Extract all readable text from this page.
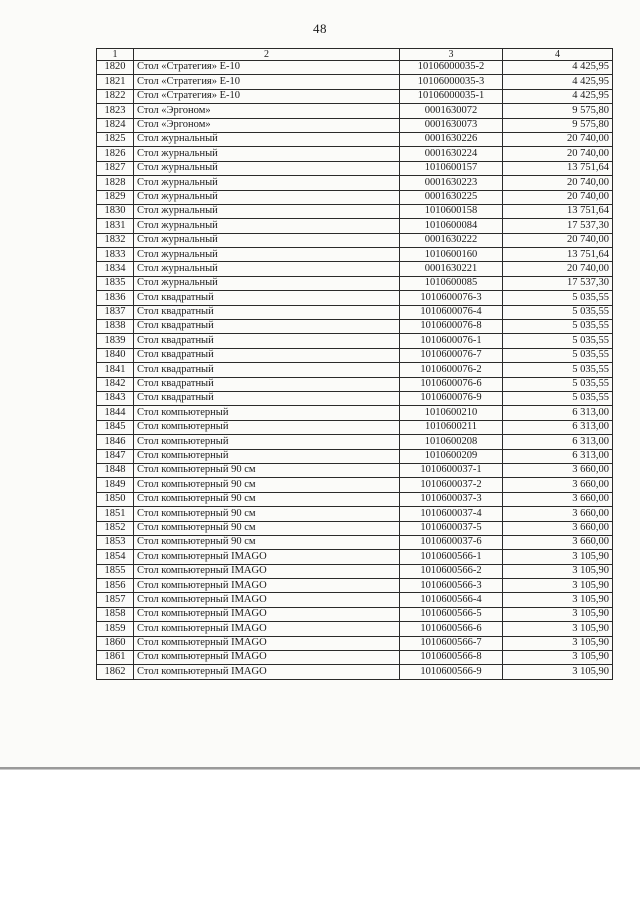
48
1	2	3	4
1820	Стол «Стратегия» Е-10	10106000035-2	4 425,95
1821	Стол «Стратегия» Е-10	10106000035-3	4 425,95
1822	Стол «Стратегия» Е-10	10106000035-1	4 425,95
1823	Стол «Эргоном»	0001630072	9 575,80
1824	Стол «Эргоном»	0001630073	9 575,80
1825	Стол журнальный	0001630226	20 740,00
1826	Стол журнальный	0001630224	20 740,00
1827	Стол журнальный	1010600157	13 751,64
1828	Стол журнальный	0001630223	20 740,00
1829	Стол журнальный	0001630225	20 740,00
1830	Стол журнальный	1010600158	13 751,64
1831	Стол журнальный	1010600084	17 537,30
1832	Стол журнальный	0001630222	20 740,00
1833	Стол журнальный	1010600160	13 751,64
1834	Стол журнальный	0001630221	20 740,00
1835	Стол журнальный	1010600085	17 537,30
1836	Стол квадратный	1010600076-3	5 035,55
1837	Стол квадратный	1010600076-4	5 035,55
1838	Стол квадратный	1010600076-8	5 035,55
1839	Стол квадратный	1010600076-1	5 035,55
1840	Стол квадратный	1010600076-7	5 035,55
1841	Стол квадратный	1010600076-2	5 035,55
1842	Стол квадратный	1010600076-6	5 035,55
1843	Стол квадратный	1010600076-9	5 035,55
1844	Стол компьютерный	1010600210	6 313,00
1845	Стол компьютерный	1010600211	6 313,00
1846	Стол компьютерный	1010600208	6 313,00
1847	Стол компьютерный	1010600209	6 313,00
1848	Стол компьютерный 90 см	1010600037-1	3 660,00
1849	Стол компьютерный 90 см	1010600037-2	3 660,00
1850	Стол компьютерный 90 см	1010600037-3	3 660,00
1851	Стол компьютерный 90 см	1010600037-4	3 660,00
1852	Стол компьютерный 90 см	1010600037-5	3 660,00
1853	Стол компьютерный 90 см	1010600037-6	3 660,00
1854	Стол компьютерный IMAGO	1010600566-1	3 105,90
1855	Стол компьютерный IMAGO	1010600566-2	3 105,90
1856	Стол компьютерный IMAGO	1010600566-3	3 105,90
1857	Стол компьютерный IMAGO	1010600566-4	3 105,90
1858	Стол компьютерный IMAGO	1010600566-5	3 105,90
1859	Стол компьютерный IMAGO	1010600566-6	3 105,90
1860	Стол компьютерный IMAGO	1010600566-7	3 105,90
1861	Стол компьютерный IMAGO	1010600566-8	3 105,90
1862	Стол компьютерный IMAGO	1010600566-9	3 105,90
